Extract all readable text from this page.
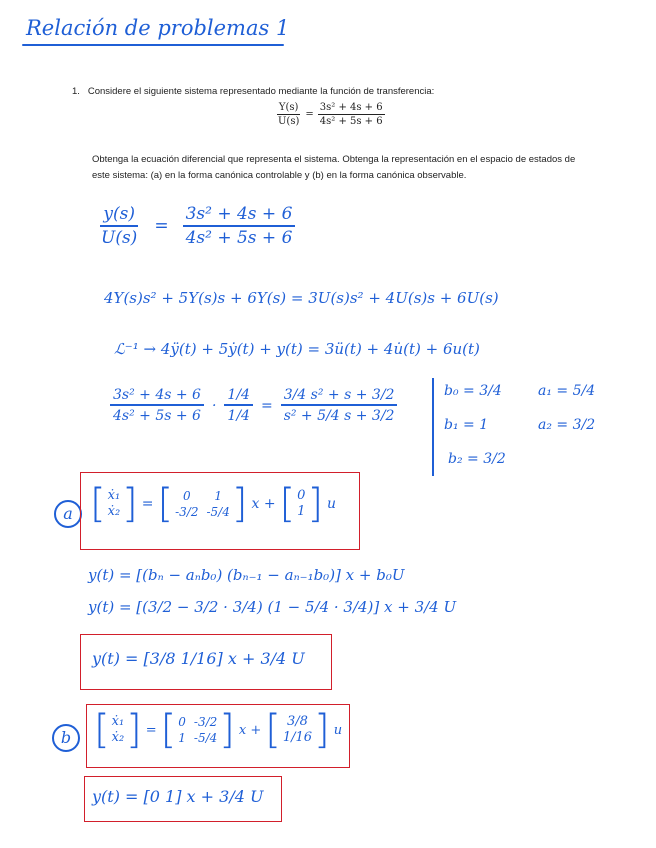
Relación de problemas 1
1. Considere el siguiente sistema representado mediante la función de transferencia:
$\frac{Y(s)}{U(s)} = \frac{\text{3s² + 4s + 6}}{\text{4s² + 5s + 6}}$
Obtenga la ecuación diferencial que representa el sistema. Obtenga la representación en el espacio de estados de este sistema: (a) en la forma canónica controlable y (b) en la forma canónica observable.
$\frac{y(s)}{U(s)} = \frac{\text{3s² + 4s + 6}}{\text{4s² + 5s + 6}}$
4Y(s)s² + 5Y(s)s + 6Y(s) = 3U(s)s² + 4U(s)s + 6U(s)
ℒ⁻¹ → 4ÿ(t) + 5ẏ(t) + y(t) = 3ü(t) + 4u̇(t) + 6u(t)
$\frac{\text{3s² + 4s + 6}}{\text{4s² + 5s + 6}} \cdot \frac{1/4}{1/4} = \frac{\text{3/4 s² + s + 3/2}}{\text{s² + 5/4 s + 3/2}}$	b₀ = 3/4
b₁ = 1
b₂ = 3/2
a₁ = 5/4
a₂ = 3/2
a [ ẋ₁
ẋ₂ ] = [ 0	1
-3/2 -5/4 ] x + [ 0
1 ] u
y(t) = [(bₙ − aₙb₀) (bₙ₋₁ − aₙ₋₁b₀)] x + b₀U
y(t) = [(3/2 − 3/2 · 3/4) (1 − 5/4 · 3/4)] x + 3/4 U
y(t) = [3/8 1/16] x + 3/4 U
b [ ẋ₁
ẋ₂ ] = [ 0 -3/2
1 -5/4 ] x + [ 3/8
1/16 ] u
y(t) = [0 1] x + 3/4 U
